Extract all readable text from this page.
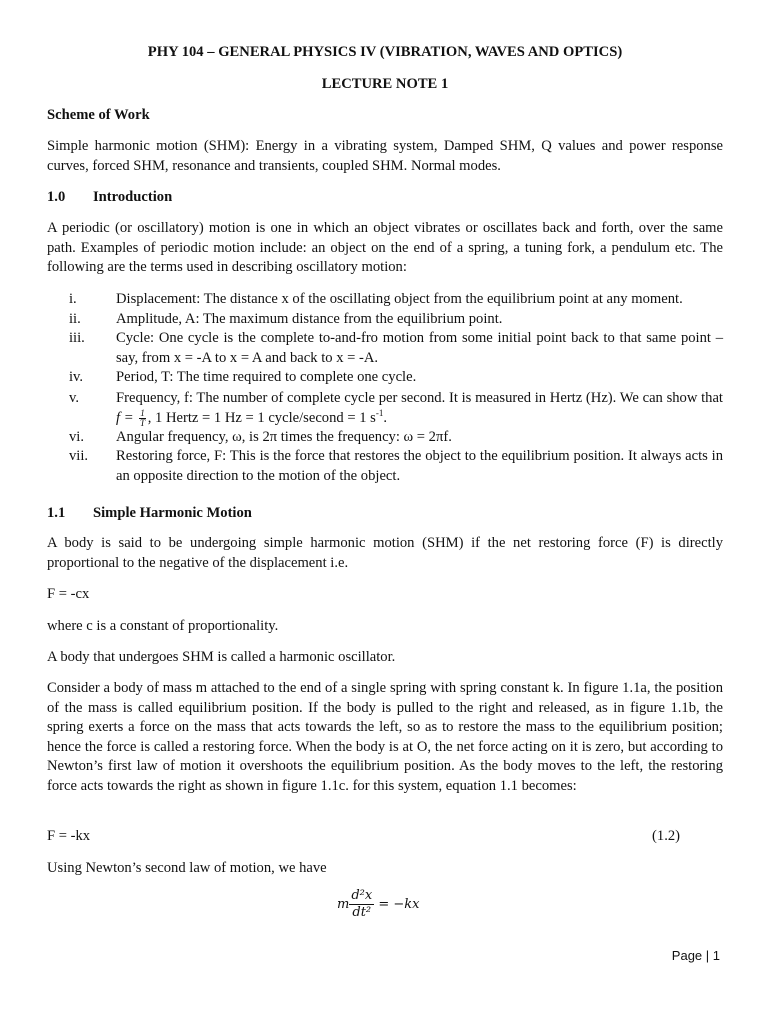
PHY 104 – GENERAL PHYSICS IV (VIBRATION, WAVES AND OPTICS)
LECTURE NOTE 1
Scheme of Work

Simple harmonic motion (SHM): Energy in a vibrating system, Damped SHM, Q values and power response curves, forced SHM, resonance and transients, coupled SHM. Normal modes.

1.0 Introduction

A periodic (or oscillatory) motion is one in which an object vibrates or oscillates back and forth, over the same path. Examples of periodic motion include: an object on the end of a spring, a tuning fork, a pendulum etc. The following are the terms used in describing oscillatory motion:

i.	Displacement: The distance x of the oscillating object from the equilibrium point at any moment.
ii. Amplitude, A: The maximum distance from the equilibrium point.
iii. Cycle: One cycle is the complete to-and-fro motion from some initial point back to that same point – say, from x = -A to x = A and back to x = -A.
iv. Period, T: The time required to complete one cycle.
v.	Frequency, f: The number of complete cycle per second. It is measured in Hertz (Hz). We can show that $f = \frac{1}{T}$ , 1 Hertz = 1 Hz = 1 cycle/second = 1 $s^{-1}$.
vi. Angular frequency, ω, is 2π times the frequency: ω = 2πf.
vii. Restoring force, F: This is the force that restores the object to the equilibrium position. It always acts in an opposite direction to the motion of the object.
1.1 Simple Harmonic Motion

A body is said to be undergoing simple harmonic motion (SHM) if the net restoring force (F) is directly proportional to the negative of the displacement i.e.

F = -cx

where c is a constant of proportionality.

A body that undergoes SHM is called a harmonic oscillator.

Consider a body of mass m attached to the end of a single spring with spring constant k. In figure 1.1a, the position of the mass is called equilibrium position. If the body is pulled to the right and released, as in figure 1.1b, the spring exerts a force on the mass that acts towards the left, so as to restore the mass to the equilibrium position; hence the force is called a restoring force. When the body is at O, the net force acting on it is zero, but according to Newton’s first law of motion it overshoots the equilibrium position. As the body moves to the left, the restoring force acts towards the right as shown in figure 1.1c. for this system, equation 1.1 becomes:

F = -kx	(1.2)

Using Newton’s second law of motion, we have

m $\frac{\text{d²x}}{\text{dt²}} = -kx$
Page | 1
